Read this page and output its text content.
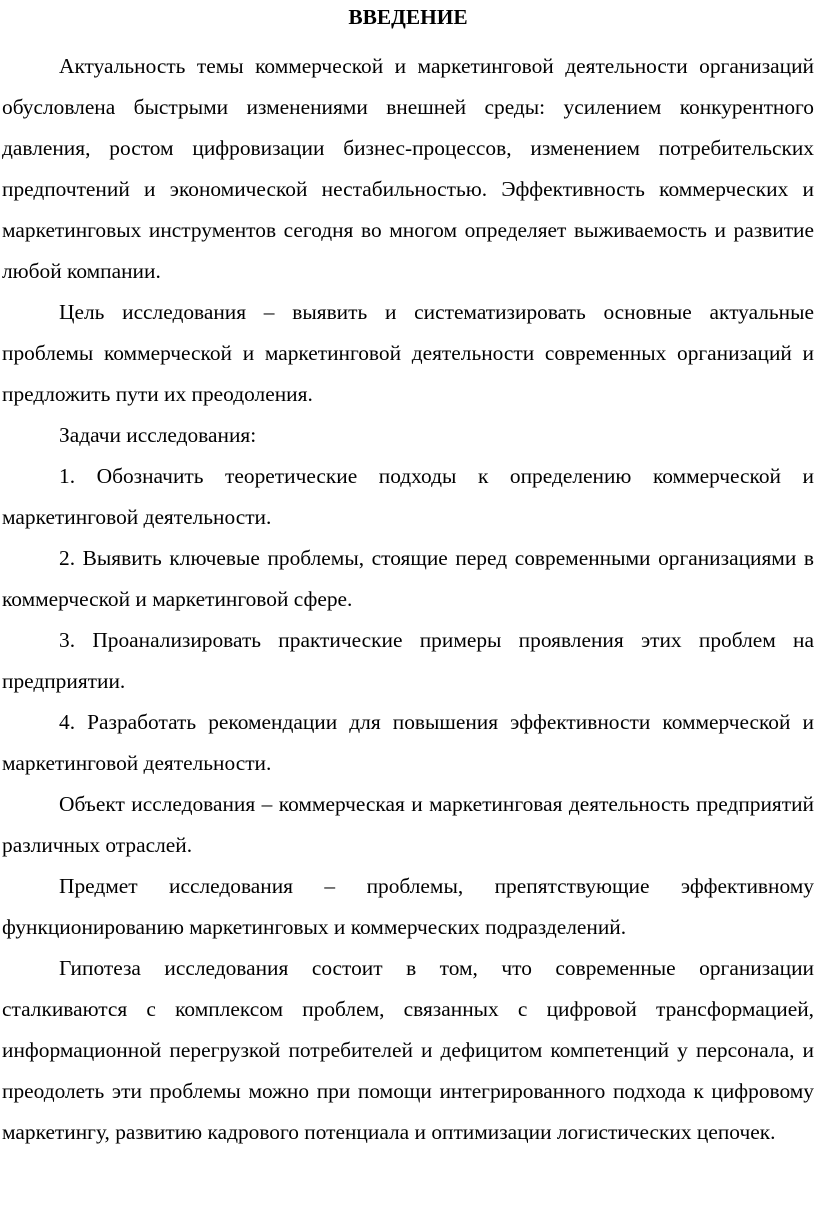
ВВЕДЕНИЕ

Актуальность темы коммерческой и маркетинговой деятельности организаций обусловлена быстрыми изменениями внешней среды: усилением конкурентного давления, ростом цифровизации бизнес-процессов, изменением потребительских предпочтений и экономической нестабильностью. Эффективность коммерческих и маркетинговых инструментов сегодня во многом определяет выживаемость и развитие любой компании.

Цель исследования – выявить и систематизировать основные актуальные проблемы коммерческой и маркетинговой деятельности современных организаций и предложить пути их преодоления.

Задачи исследования:

1. Обозначить теоретические подходы к определению коммерческой и маркетинговой деятельности.

2. Выявить ключевые проблемы, стоящие перед современными организациями в коммерческой и маркетинговой сфере.

3. Проанализировать практические примеры проявления этих проблем на предприятии.

4. Разработать рекомендации для повышения эффективности коммерческой и маркетинговой деятельности.

Объект исследования – коммерческая и маркетинговая деятельность предприятий различных отраслей.

Предмет исследования – проблемы, препятствующие эффективному функционированию маркетинговых и коммерческих подразделений.

Гипотеза исследования состоит в том, что современные организации сталкиваются с комплексом проблем, связанных с цифровой трансформацией, информационной перегрузкой потребителей и дефицитом компетенций у персонала, и преодолеть эти проблемы можно при помощи интегрированного подхода к цифровому маркетингу, развитию кадрового потенциала и оптимизации логистических цепочек.
